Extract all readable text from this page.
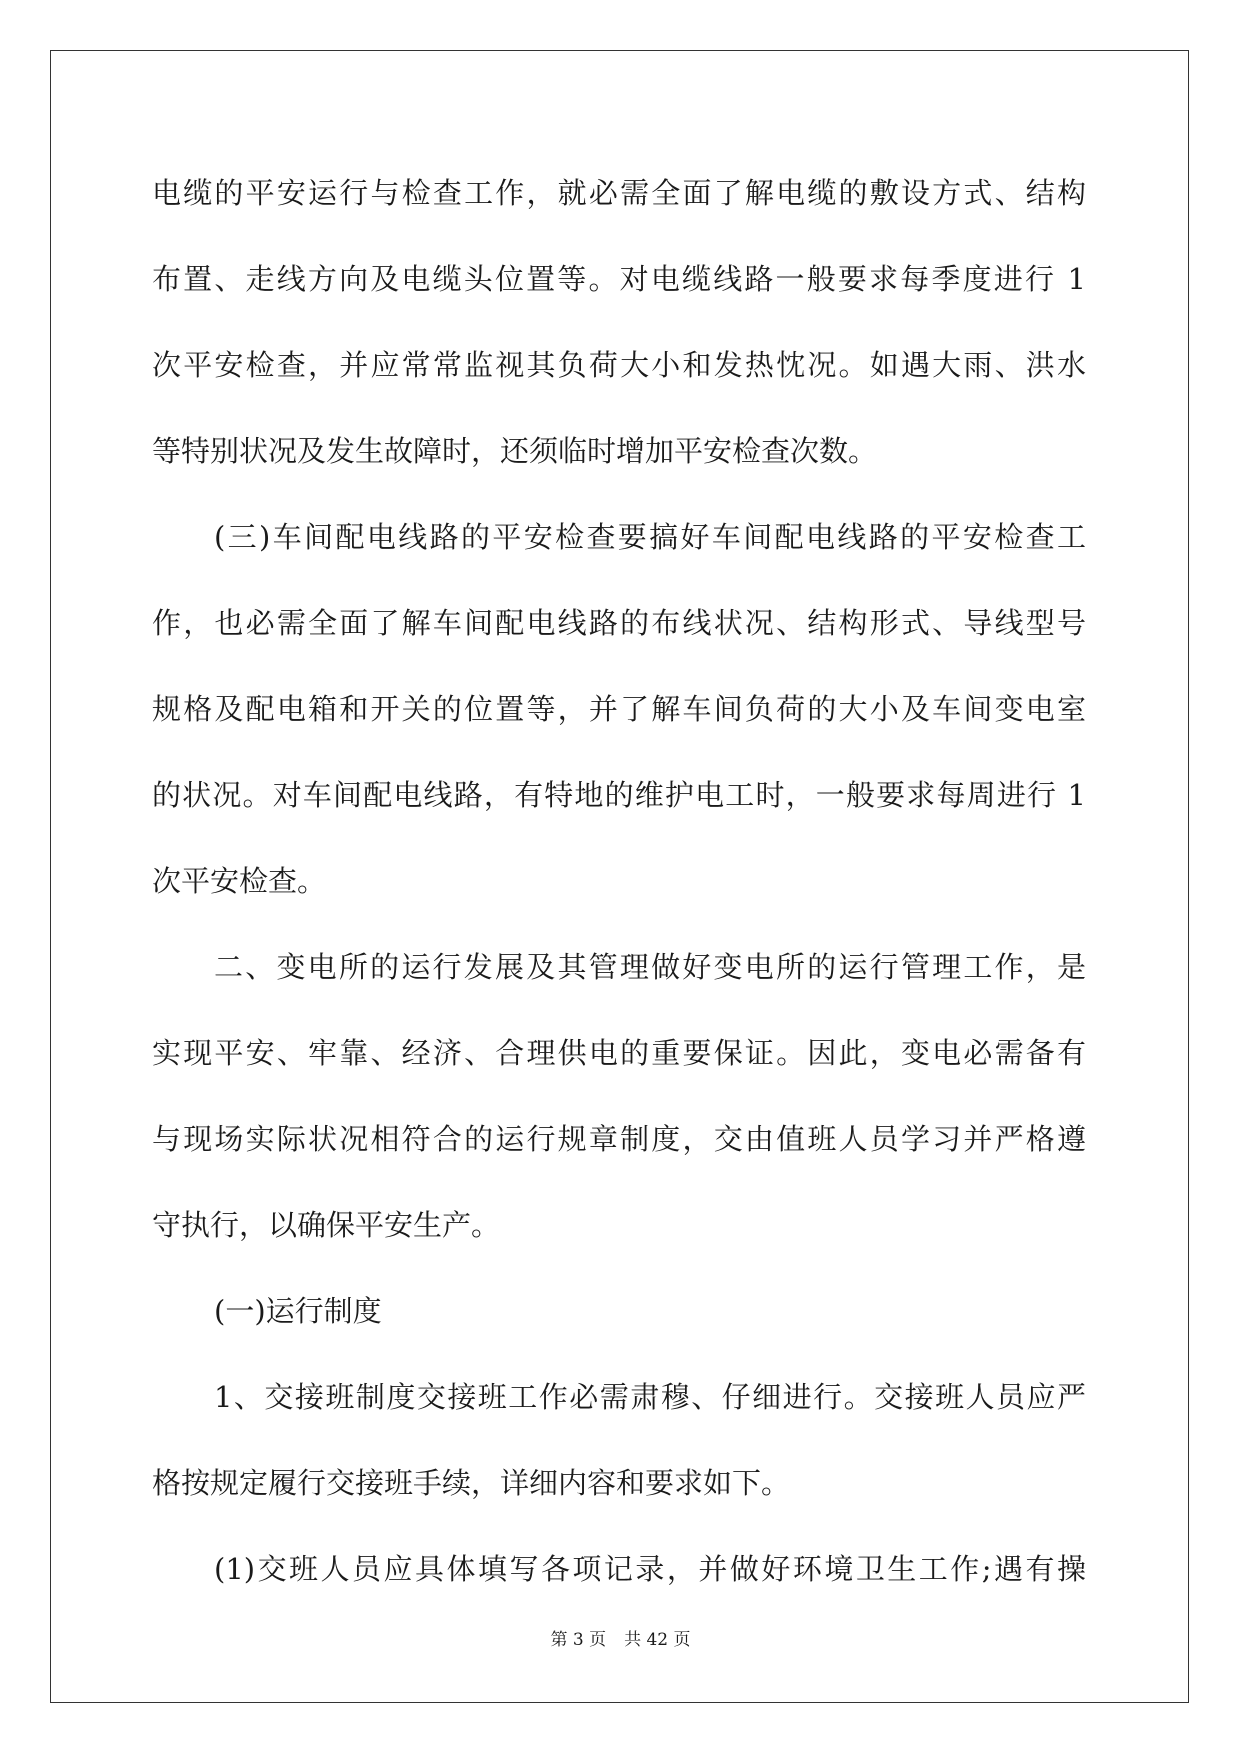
电缆的平安运行与检查工作，就必需全面了解电缆的敷设方式、结构
布置、走线方向及电缆头位置等。对电缆线路一般要求每季度进行 1
次平安检查，并应常常监视其负荷大小和发热忱况。如遇大雨、洪水
等特别状况及发生故障时，还须临时增加平安检查次数。
(三)车间配电线路的平安检查要搞好车间配电线路的平安检查工
作，也必需全面了解车间配电线路的布线状况、结构形式、导线型号
规格及配电箱和开关的位置等，并了解车间负荷的大小及车间变电室
的状况。对车间配电线路，有特地的维护电工时，一般要求每周进行 1
次平安检查。
二、变电所的运行发展及其管理做好变电所的运行管理工作，是
实现平安、牢靠、经济、合理供电的重要保证。因此，变电必需备有
与现场实际状况相符合的运行规章制度，交由值班人员学习并严格遵
守执行，以确保平安生产。
(一)运行制度
1、交接班制度交接班工作必需肃穆、仔细进行。交接班人员应严
格按规定履行交接班手续，详细内容和要求如下。
(1)交班人员应具体填写各项记录，并做好环境卫生工作;遇有操
第 3 页 共 42 页
